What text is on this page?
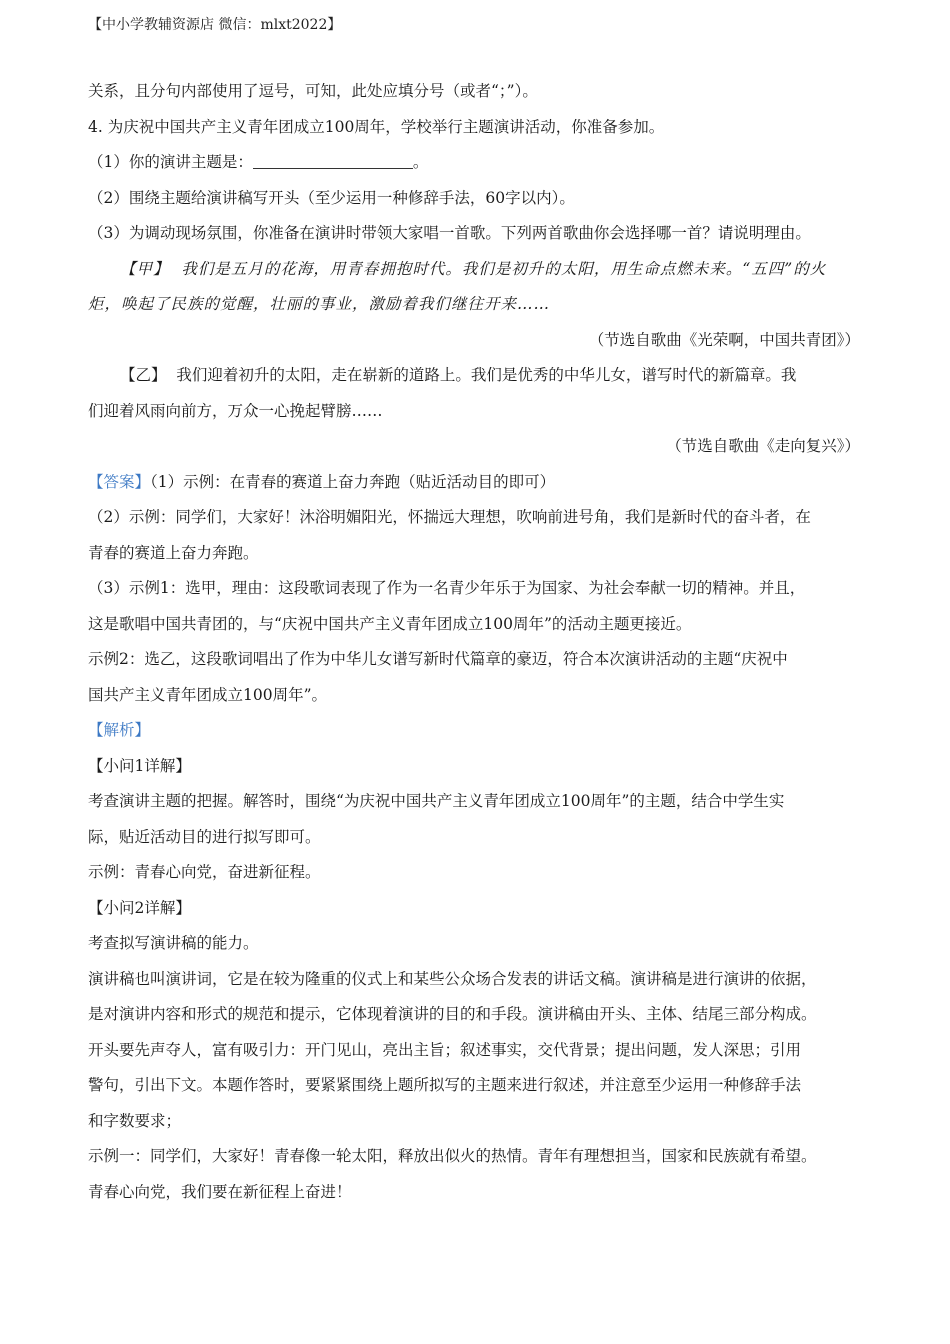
【中小学教辅资源店 微信：mlxt2022】
关系，且分句内部使用了逗号，可知，此处应填分号（或者“；”）。
4. 为庆祝中国共产主义青年团成立100周年，学校举行主题演讲活动，你准备参加。
（1）你的演讲主题是：	。
（2）围绕主题给演讲稿写开头（至少运用一种修辞手法，60字以内）。
（3）为调动现场氛围，你准备在演讲时带领大家唱一首歌。下列两首歌曲你会选择哪一首？请说明理由。
【甲】 我们是五月的花海，用青春拥抱时代。我们是初升的太阳，用生命点燃未来。“五四”的火
炬，唤起了民族的觉醒，壮丽的事业，激励着我们继往开来……
（节选自歌曲《光荣啊，中国共青团》）
【乙】 我们迎着初升的太阳，走在崭新的道路上。我们是优秀的中华儿女，谱写时代的新篇章。我
们迎着风雨向前方，万众一心挽起臂膀……
（节选自歌曲《走向复兴》）
【答案】（1）示例：在青春的赛道上奋力奔跑（贴近活动目的即可）
（2）示例：同学们，大家好！沐浴明媚阳光，怀揣远大理想，吹响前进号角，我们是新时代的奋斗者，在
青春的赛道上奋力奔跑。
（3）示例1：选甲，理由：这段歌词表现了作为一名青少年乐于为国家、为社会奉献一切的精神。并且，
这是歌唱中国共青团的，与“庆祝中国共产主义青年团成立100周年”的活动主题更接近。
示例2：选乙，这段歌词唱出了作为中华儿女谱写新时代篇章的豪迈，符合本次演讲活动的主题“庆祝中
国共产主义青年团成立100周年”。
【解析】
【小问1详解】
考查演讲主题的把握。解答时，围绕“为庆祝中国共产主义青年团成立100周年”的主题，结合中学生实
际，贴近活动目的进行拟写即可。
示例：青春心向党，奋进新征程。
【小问2详解】
考查拟写演讲稿的能力。
演讲稿也叫演讲词，它是在较为隆重的仪式上和某些公众场合发表的讲话文稿。演讲稿是进行演讲的依据，
是对演讲内容和形式的规范和提示，它体现着演讲的目的和手段。演讲稿由开头、主体、结尾三部分构成。
开头要先声夺人，富有吸引力：开门见山，亮出主旨；叙述事实，交代背景；提出问题，发人深思；引用
警句，引出下文。本题作答时，要紧紧围绕上题所拟写的主题来进行叙述，并注意至少运用一种修辞手法
和字数要求；
示例一：同学们，大家好！青春像一轮太阳，释放出似火的热情。青年有理想担当，国家和民族就有希望。
青春心向党，我们要在新征程上奋进！
